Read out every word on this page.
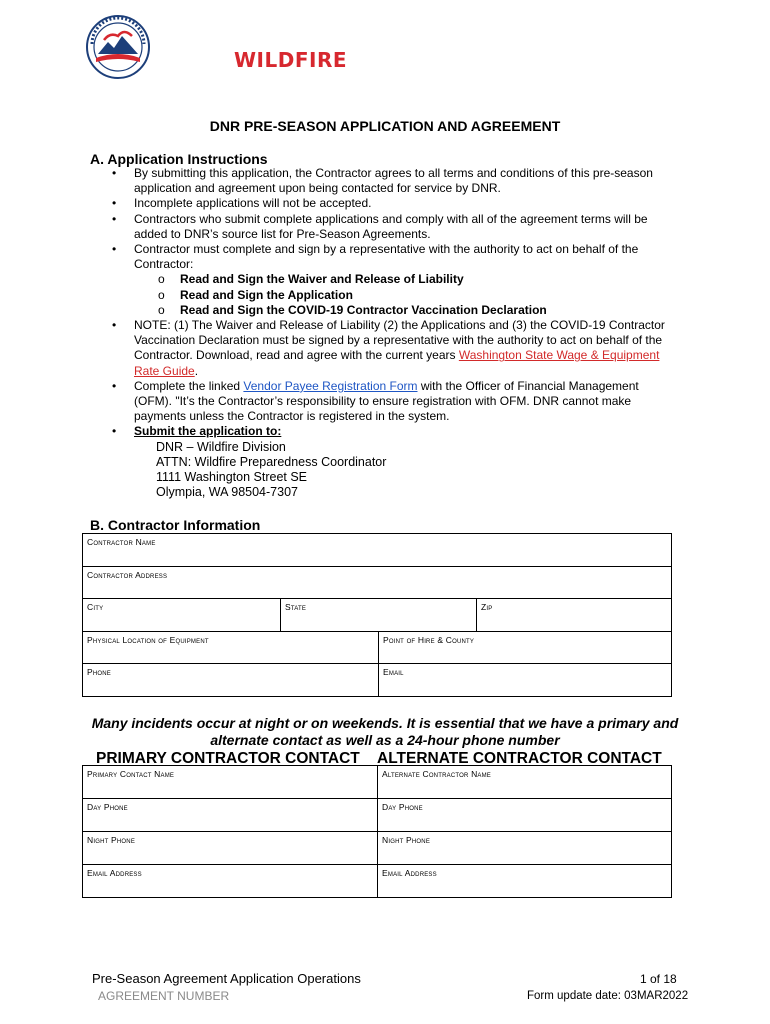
WILDFIRE
DNR PRE-SEASON APPLICATION AND AGREEMENT
A. Application Instructions
• By submitting this application, the Contractor agrees to all terms and conditions of this pre-season application and agreement upon being contacted for service by DNR.
• Incomplete applications will not be accepted.
• Contractors who submit complete applications and comply with all of the agreement terms will be added to DNR’s source list for Pre-Season Agreements.
• Contractor must complete and sign by a representative with the authority to act on behalf of the Contractor:
o Read and Sign the Waiver and Release of Liability
o Read and Sign the Application
o Read and Sign the COVID-19 Contractor Vaccination Declaration
• NOTE: (1) The Waiver and Release of Liability (2) the Applications and (3) the COVID-19 Contractor Vaccination Declaration must be signed by a representative with the authority to act on behalf of the Contractor. Download, read and agree with the current years Washington State Wage & Equipment Rate Guide.
• Complete the linked Vendor Payee Registration Form with the Officer of Financial Management (OFM). "It’s the Contractor’s responsibility to ensure registration with OFM. DNR cannot make payments unless the Contractor is registered in the system.
• Submit the application to:
DNR – Wildfire Division
ATTN: Wildfire Preparedness Coordinator
1111 Washington Street SE
Olympia, WA 98504-7307
B. Contractor Information
Contractor Name			
Contractor Address			
City	State		Zip
Physical Location of Equipment		Point of Hire & County	
Phone		Email	
Many incidents occur at night or on weekends. It is essential that we have a primary and alternate contact as well as a 24-hour phone number
PRIMARY CONTRACTOR CONTACT ALTERNATE CONTRACTOR CONTACT
Primary Contact Name	Alternate Contractor Name
Day Phone	Day Phone
Night Phone	Night Phone
Email Address	Email Address
Pre-Season Agreement Application Operations
AGREEMENT NUMBER
1 of 18
Form update date: 03MAR2022
